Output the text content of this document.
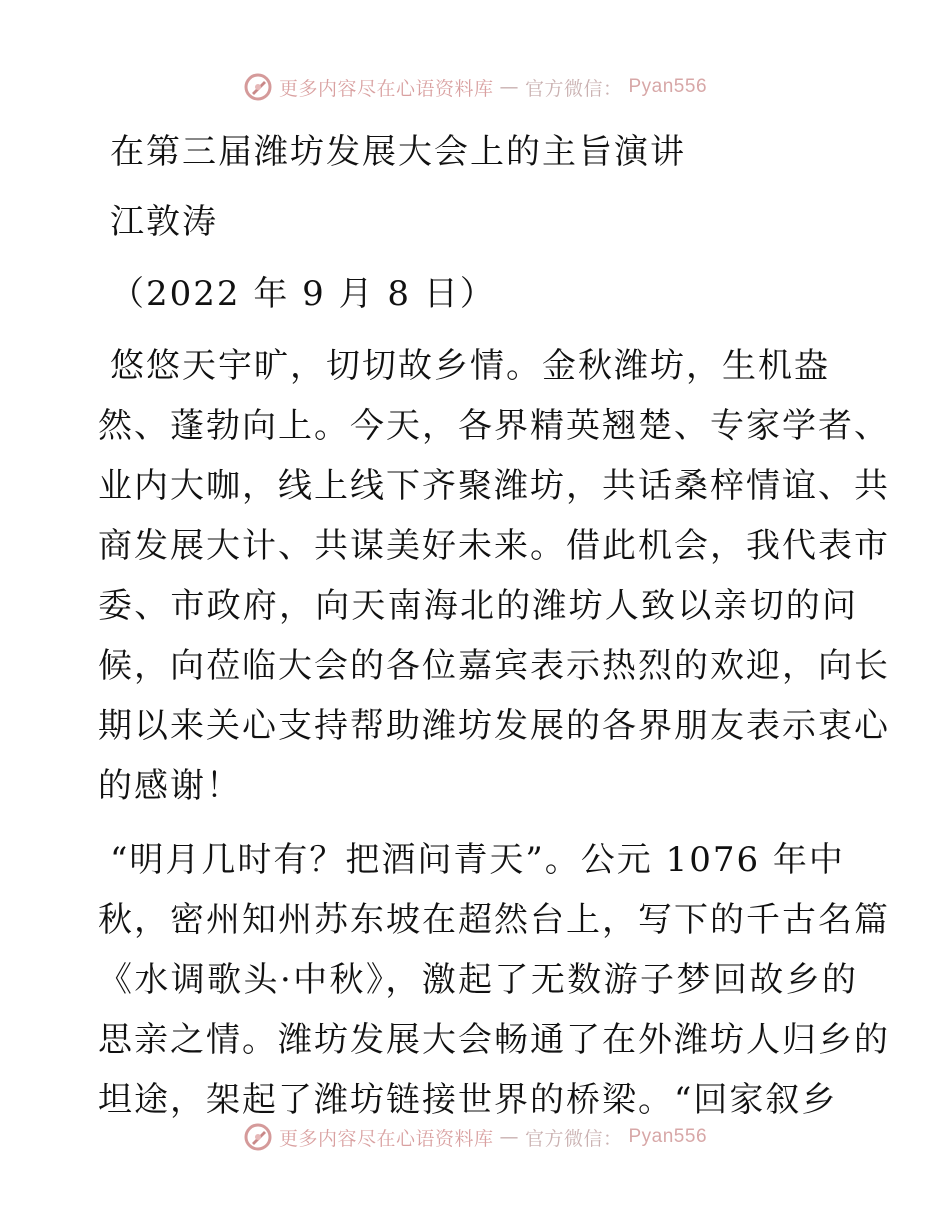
更多内容尽在心语资料库 — 官方微信： Pyan556
在第三届潍坊发展大会上的主旨演讲
江敦涛
（2022 年 9 月 8 日）
悠悠天宇旷，切切故乡情。金秋潍坊，生机盎
然、蓬勃向上。今天，各界精英翘楚、专家学者、
业内大咖，线上线下齐聚潍坊，共话桑梓情谊、共
商发展大计、共谋美好未来。借此机会，我代表市
委、市政府，向天南海北的潍坊人致以亲切的问
候，向莅临大会的各位嘉宾表示热烈的欢迎，向长
期以来关心支持帮助潍坊发展的各界朋友表示衷心
的感谢！
“明月几时有？把酒问青天”。公元 1076 年中
秋，密州知州苏东坡在超然台上，写下的千古名篇
《水调歌头·中秋》，激起了无数游子梦回故乡的
思亲之情。潍坊发展大会畅通了在外潍坊人归乡的
坦途，架起了潍坊链接世界的桥梁。“回家叙乡
更多内容尽在心语资料库 — 官方微信： Pyan556
